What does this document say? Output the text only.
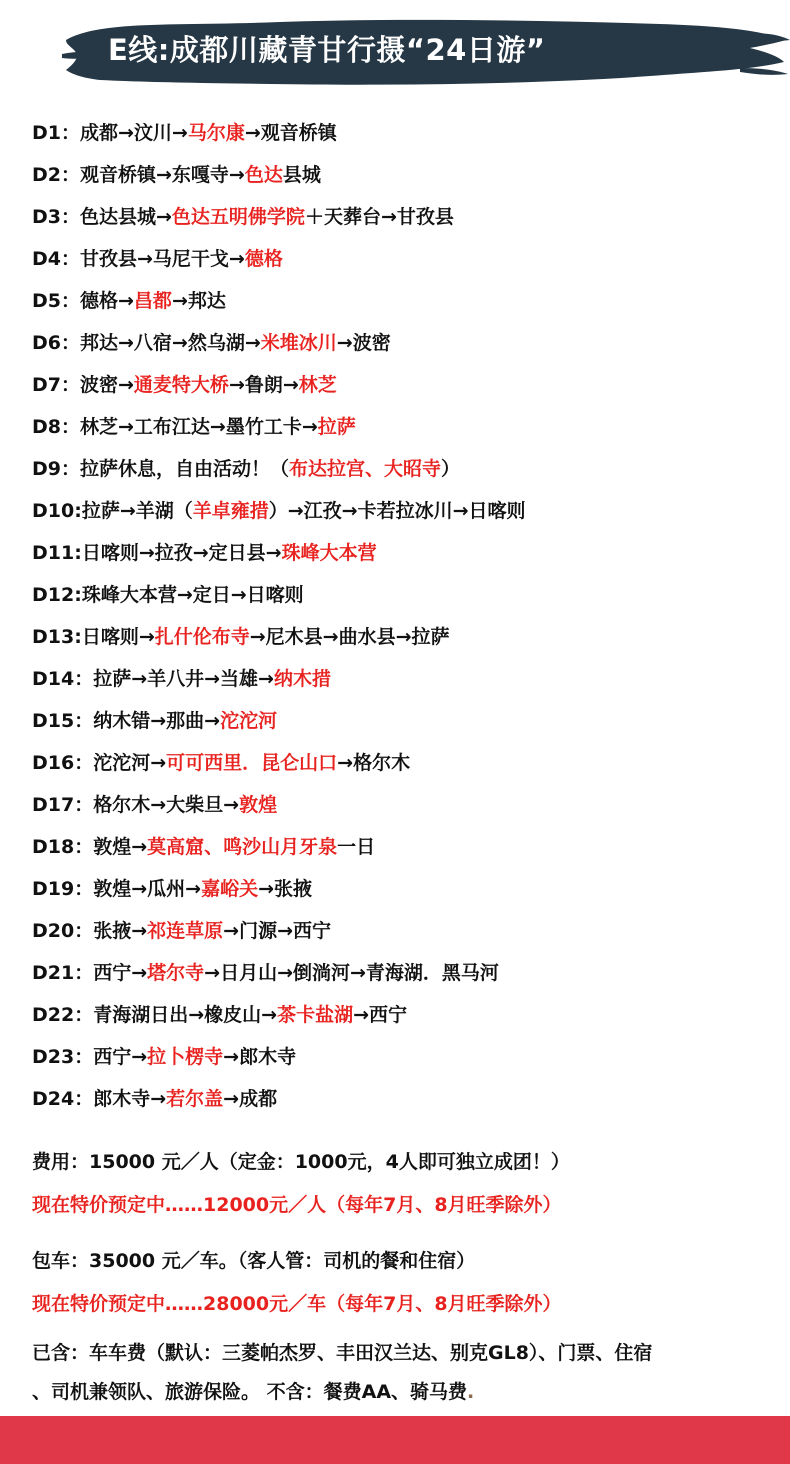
E线:成都川藏青甘行摄“24日游”
D1：成都→汶川→马尔康→观音桥镇
D2：观音桥镇→东嘎寺→色达县城
D3：色达县城→色达五明佛学院＋天葬台→甘孜县
D4：甘孜县→马尼干戈→德格
D5：德格→昌都→邦达
D6：邦达→八宿→然乌湖→米堆冰川→波密
D7：波密→通麦特大桥→鲁朗→林芝
D8：林芝→工布江达→墨竹工卡→拉萨
D9：拉萨休息，自由活动！（布达拉宫、大昭寺）
D10:拉萨→羊湖（羊卓雍措）→江孜→卡若拉冰川→日喀则
D11:日喀则→拉孜→定日县→珠峰大本营
D12:珠峰大本营→定日→日喀则
D13:日喀则→扎什伦布寺→尼木县→曲水县→拉萨
D14：拉萨→羊八井→当雄→纳木措
D15：纳木错→那曲→沱沱河
D16：沱沱河→可可西里．昆仑山口→格尔木
D17：格尔木→大柴旦→敦煌
D18：敦煌→莫高窟、鸣沙山月牙泉一日
D19：敦煌→瓜州→嘉峪关→张掖
D20：张掖→祁连草原→门源→西宁
D21：西宁→塔尔寺→日月山→倒淌河→青海湖．黑马河
D22：青海湖日出→橡皮山→茶卡盐湖→西宁
D23：西宁→拉卜楞寺→郎木寺
D24：郎木寺→若尔盖→成都
费用：15000 元／人（定金：1000元，4人即可独立成团！）
现在特价预定中……12000元／人（每年7月、8月旺季除外）
包车：35000 元／车。（客人管：司机的餐和住宿）
现在特价预定中……28000元／车（每年7月、8月旺季除外）
已含：车车费（默认：三菱帕杰罗、丰田汉兰达、别克GL8）、门票、住宿
、司机兼领队、旅游保险。 不含：餐费AA、骑马费.
